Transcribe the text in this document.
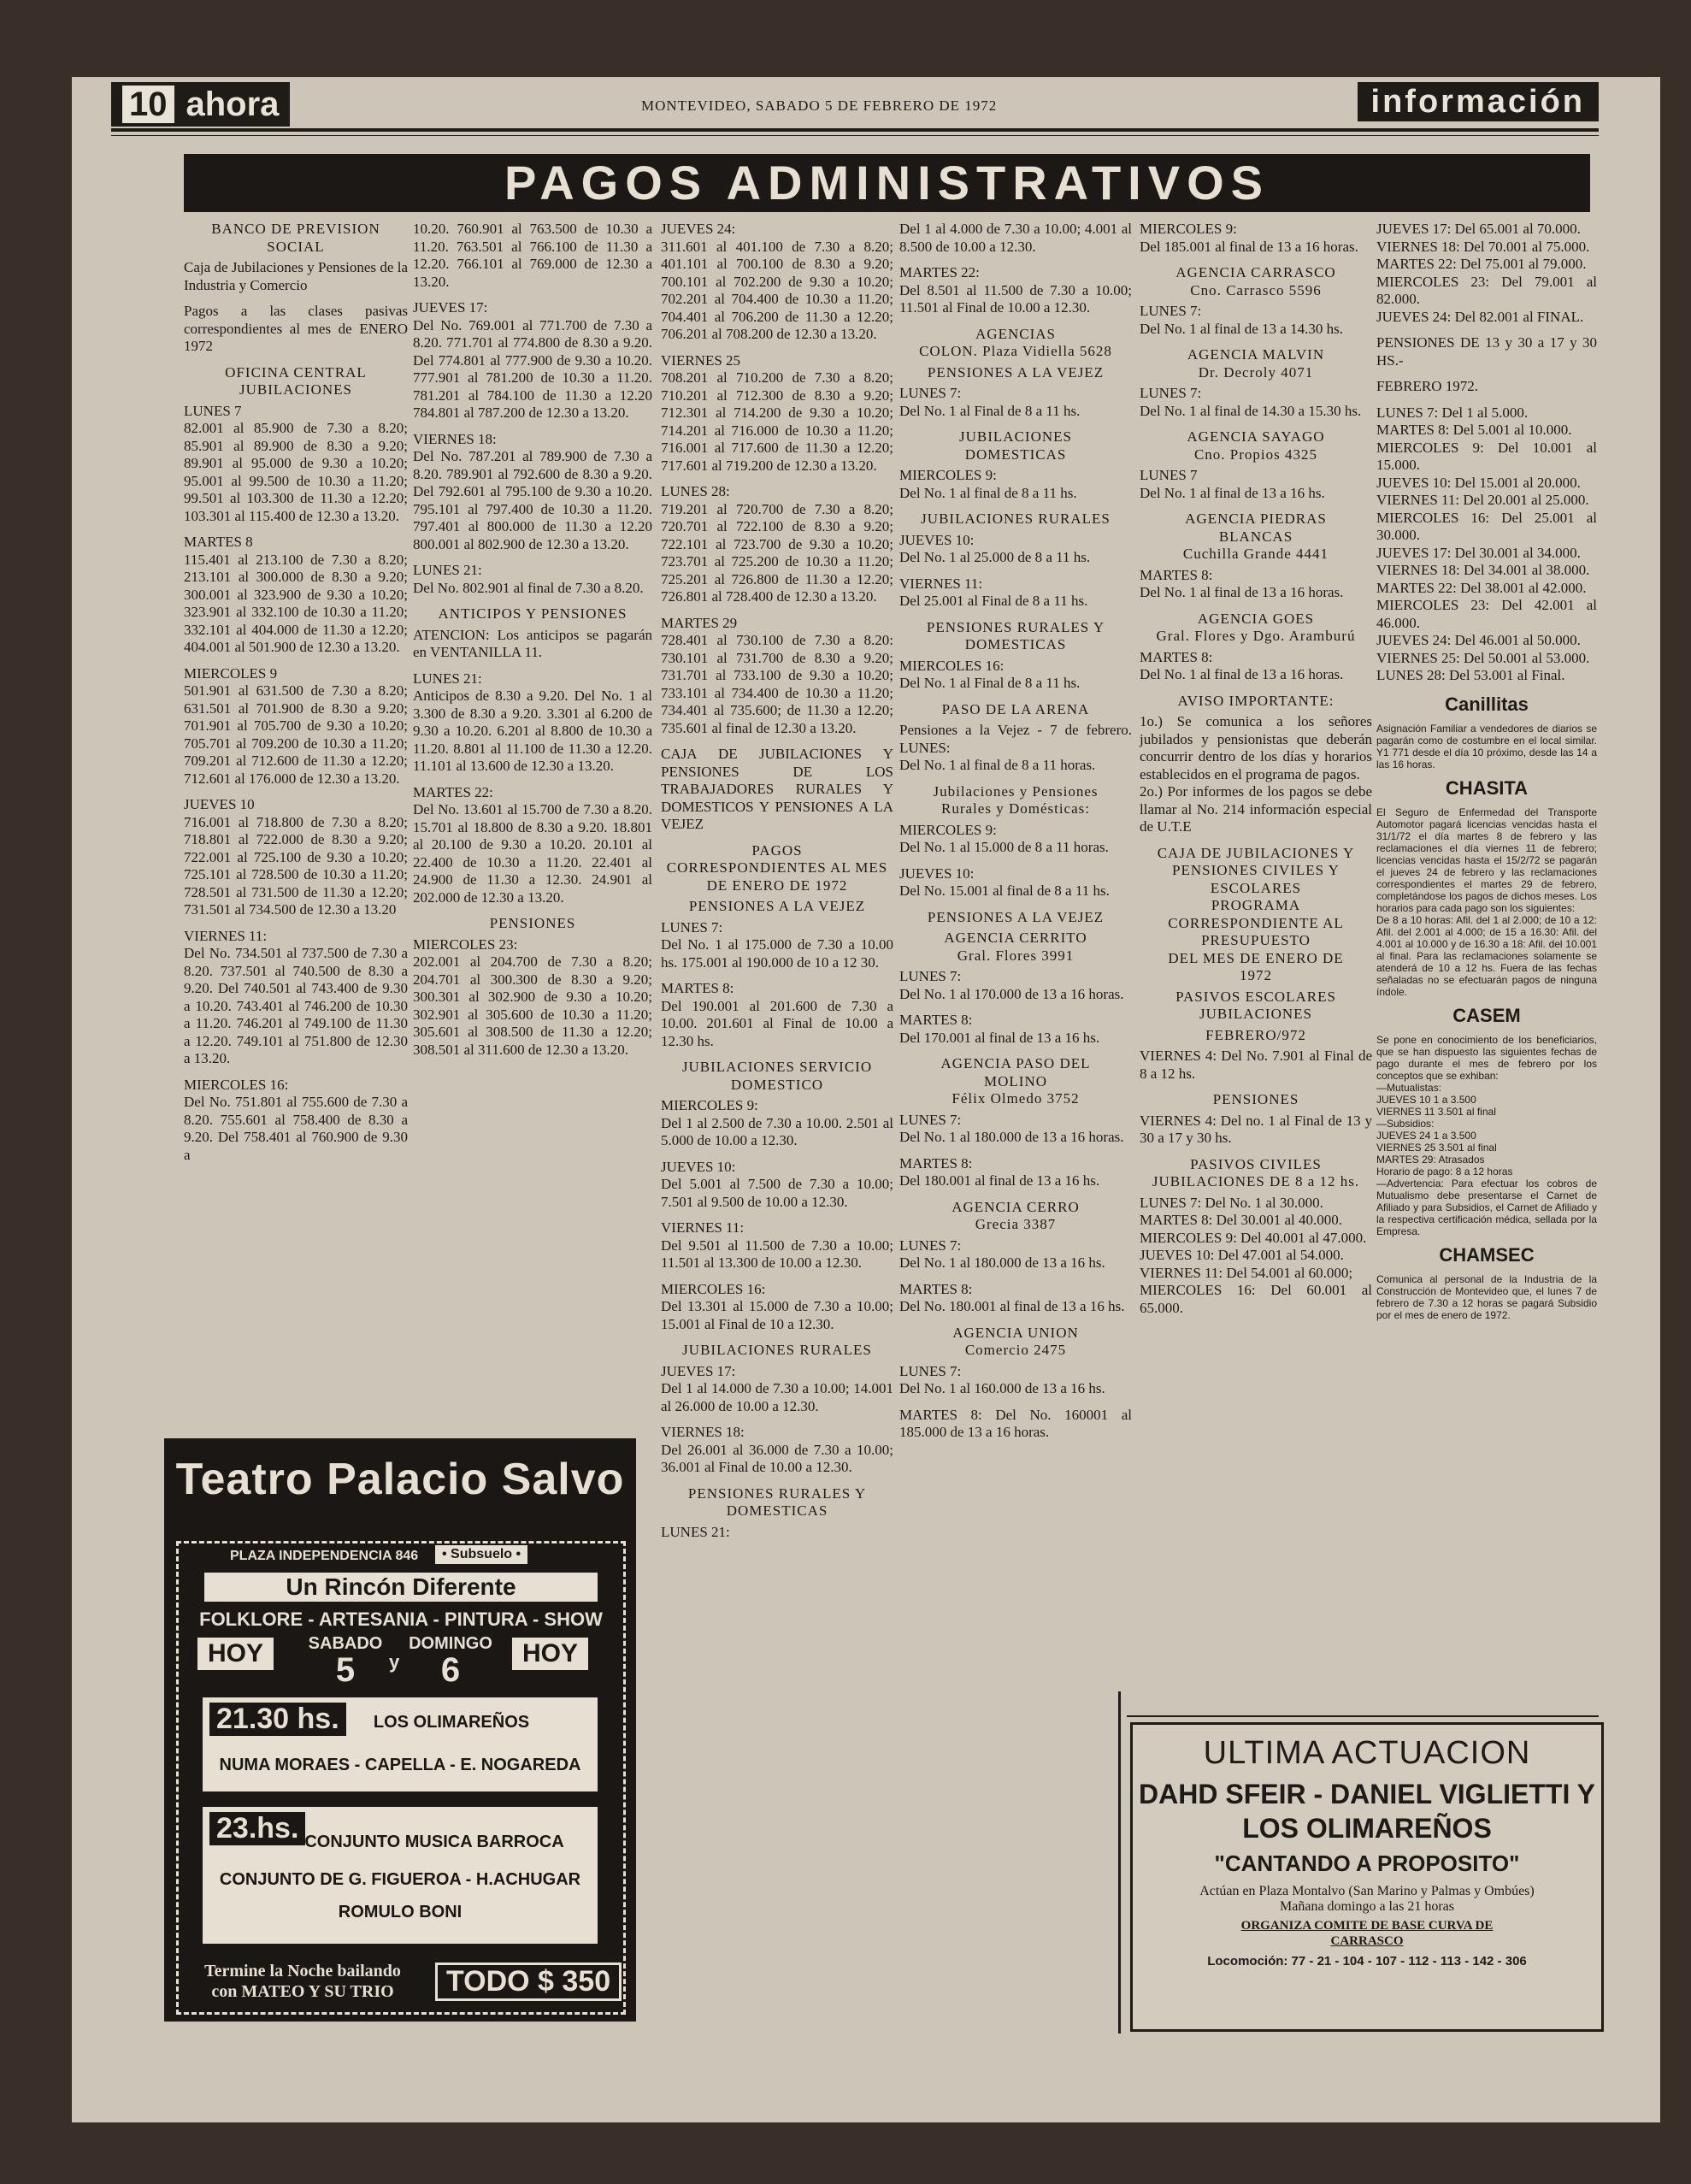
10 ahora	MONTEVIDEO, SABADO 5 DE FEBRERO DE 1972	información
PAGOS ADMINISTRATIVOS
BANCO DE PREVISION
SOCIAL

Caja de Jubilaciones y Pensiones de la Industria y Comercio

Pagos a las clases pasivas correspondientes al mes de ENERO 1972

OFICINA CENTRAL
JUBILACIONES

LUNES 7
82.001 al 85.900 de 7.30 a 8.20; 85.901 al 89.900 de 8.30 a 9.20; 89.901 al 95.000 de 9.30 a 10.20; 95.001 al 99.500 de 10.30 a 11.20; 99.501 al 103.300 de 11.30 a 12.20; 103.301 al 115.400 de 12.30 a 13.20.

MARTES 8
115.401 al 213.100 de 7.30 a 8.20; 213.101 al 300.000 de 8.30 a 9.20; 300.001 al 323.900 de 9.30 a 10.20; 323.901 al 332.100 de 10.30 a 11.20; 332.101 al 404.000 de 11.30 a 12.20; 404.001 al 501.900 de 12.30 a 13.20.

MIERCOLES 9
501.901 al 631.500 de 7.30 a 8.20; 631.501 al 701.900 de 8.30 a 9.20; 701.901 al 705.700 de 9.30 a 10.20; 705.701 al 709.200 de 10.30 a 11.20; 709.201 al 712.600 de 11.30 a 12.20; 712.601 al 176.000 de 12.30 a 13.20.

JUEVES 10
716.001 al 718.800 de 7.30 a 8.20; 718.801 al 722.000 de 8.30 a 9.20; 722.001 al 725.100 de 9.30 a 10.20; 725.101 al 728.500 de 10.30 a 11.20; 728.501 al 731.500 de 11.30 a 12.20; 731.501 al 734.500 de 12.30 a 13.20

VIERNES 11:
Del No. 734.501 al 737.500 de 7.30 a 8.20. 737.501 al 740.500 de 8.30 a 9.20. Del 740.501 al 743.400 de 9.30 a 10.20. 743.401 al 746.200 de 10.30 a 11.20. 746.201 al 749.100 de 11.30 a 12.20. 749.101 al 751.800 de 12.30 a 13.20.

MIERCOLES 16:
Del No. 751.801 al 755.600 de 7.30 a 8.20. 755.601 al 758.400 de 8.30 a 9.20. Del 758.401 al 760.900 de 9.30 a

10.20. 760.901 al 763.500 de 10.30 a 11.20. 763.501 al 766.100 de 11.30 a 12.20. 766.101 al 769.000 de 12.30 a 13.20.

JUEVES 17:
Del No. 769.001 al 771.700 de 7.30 a 8.20. 771.701 al 774.800 de 8.30 a 9.20. Del 774.801 al 777.900 de 9.30 a 10.20. 777.901 al 781.200 de 10.30 a 11.20. 781.201 al 784.100 de 11.30 a 12.20 784.801 al 787.200 de 12.30 a 13.20.

VIERNES 18:
Del No. 787.201 al 789.900 de 7.30 a 8.20. 789.901 al 792.600 de 8.30 a 9.20. Del 792.601 al 795.100 de 9.30 a 10.20. 795.101 al 797.400 de 10.30 a 11.20. 797.401 al 800.000 de 11.30 a 12.20 800.001 al 802.900 de 12.30 a 13.20.

LUNES 21:
Del No. 802.901 al final de 7.30 a 8.20.

ANTICIPOS Y PENSIONES

ATENCION: Los anticipos se pagarán en VENTANILLA 11.

LUNES 21:
Anticipos de 8.30 a 9.20. Del No. 1 al 3.300 de 8.30 a 9.20. 3.301 al 6.200 de 9.30 a 10.20. 6.201 al 8.800 de 10.30 a 11.20. 8.801 al 11.100 de 11.30 a 12.20. 11.101 al 13.600 de 12.30 a 13.20.

MARTES 22:
Del No. 13.601 al 15.700 de 7.30 a 8.20. 15.701 al 18.800 de 8.30 a 9.20. 18.801 al 20.100 de 9.30 a 10.20. 20.101 al 22.400 de 10.30 a 11.20. 22.401 al 24.900 de 11.30 a 12.30. 24.901 al 202.000 de 12.30 a 13.20.

PENSIONES

MIERCOLES 23:
202.001 al 204.700 de 7.30 a 8.20; 204.701 al 300.300 de 8.30 a 9.20; 300.301 al 302.900 de 9.30 a 10.20; 302.901 al 305.600 de 10.30 a 11.20; 305.601 al 308.500 de 11.30 a 12.20; 308.501 al 311.600 de 12.30 a 13.20.

JUEVES 24:
311.601 al 401.100 de 7.30 a 8.20; 401.101 al 700.100 de 8.30 a 9.20; 700.101 al 702.200 de 9.30 a 10.20; 702.201 al 704.400 de 10.30 a 11.20; 704.401 al 706.200 de 11.30 a 12.20; 706.201 al 708.200 de 12.30 a 13.20.

VIERNES 25
708.201 al 710.200 de 7.30 a 8.20; 710.201 al 712.300 de 8.30 a 9.20; 712.301 al 714.200 de 9.30 a 10.20; 714.201 al 716.000 de 10.30 a 11.20; 716.001 al 717.600 de 11.30 a 12.20; 717.601 al 719.200 de 12.30 a 13.20.

LUNES 28:
719.201 al 720.700 de 7.30 a 8.20; 720.701 al 722.100 de 8.30 a 9.20; 722.101 al 723.700 de 9.30 a 10.20; 723.701 al 725.200 de 10.30 a 11.20; 725.201 al 726.800 de 11.30 a 12.20; 726.801 al 728.400 de 12.30 a 13.20.

MARTES 29
728.401 al 730.100 de 7.30 a 8.20: 730.101 al 731.700 de 8.30 a 9.20; 731.701 al 733.100 de 9.30 a 10.20; 733.101 al 734.400 de 10.30 a 11.20; 734.401 al 735.600; de 11.30 a 12.20; 735.601 al final de 12.30 a 13.20.

CAJA DE JUBILACIONES Y PENSIONES DE LOS TRABAJADORES RURALES Y DOMESTICOS Y PENSIONES A LA VEJEZ

PAGOS
CORRESPONDIENTES AL MES DE ENERO DE 1972
PENSIONES A LA VEJEZ

LUNES 7:
Del No. 1 al 175.000 de 7.30 a 10.00 hs. 175.001 al 190.000 de 10 a 12 30.

MARTES 8:
Del 190.001 al 201.600 de 7.30 a 10.00. 201.601 al Final de 10.00 a 12.30 hs.

JUBILACIONES SERVICIO
DOMESTICO

MIERCOLES 9:
Del 1 al 2.500 de 7.30 a 10.00. 2.501 al 5.000 de 10.00 a 12.30.

JUEVES 10:
Del 5.001 al 7.500 de 7.30 a 10.00; 7.501 al 9.500 de 10.00 a 12.30.

VIERNES 11:
Del 9.501 al 11.500 de 7.30 a 10.00; 11.501 al 13.300 de 10.00 a 12.30.

MIERCOLES 16:
Del 13.301 al 15.000 de 7.30 a 10.00; 15.001 al Final de 10 a 12.30.

JUBILACIONES RURALES

JUEVES 17:
Del 1 al 14.000 de 7.30 a 10.00; 14.001 al 26.000 de 10.00 a 12.30.

VIERNES 18:
Del 26.001 al 36.000 de 7.30 a 10.00; 36.001 al Final de 10.00 a 12.30.

PENSIONES RURALES Y
DOMESTICAS

LUNES 21:

Del 1 al 4.000 de 7.30 a 10.00; 4.001 al 8.500 de 10.00 a 12.30.

MARTES 22:
Del 8.501 al 11.500 de 7.30 a 10.00; 11.501 al Final de 10.00 a 12.30.

AGENCIAS
COLON. Plaza Vidiella 5628
PENSIONES A LA VEJEZ

LUNES 7:
Del No. 1 al Final de 8 a 11 hs.

JUBILACIONES
DOMESTICAS

MIERCOLES 9:
Del No. 1 al final de 8 a 11 hs.

JUBILACIONES RURALES

JUEVES 10:
Del No. 1 al 25.000 de 8 a 11 hs.

VIERNES 11:
Del 25.001 al Final de 8 a 11 hs.

PENSIONES RURALES Y
DOMESTICAS

MIERCOLES 16:
Del No. 1 al Final de 8 a 11 hs.

PASO DE LA ARENA

Pensiones a la Vejez - 7 de febrero. LUNES:
Del No. 1 al final de 8 a 11 horas.

Jubilaciones y Pensiones
Rurales y Domésticas:

MIERCOLES 9:
Del No. 1 al 15.000 de 8 a 11 horas.

JUEVES 10:
Del No. 15.001 al final de 8 a 11 hs.

PENSIONES A LA VEJEZ
AGENCIA CERRITO
Gral. Flores 3991

LUNES 7:
Del No. 1 al 170.000 de 13 a 16 horas.

MARTES 8:
Del 170.001 al final de 13 a 16 hs.

AGENCIA PASO DEL
MOLINO
Félix Olmedo 3752

LUNES 7:
Del No. 1 al 180.000 de 13 a 16 horas.

MARTES 8:
Del 180.001 al final de 13 a 16 hs.

AGENCIA CERRO
Grecia 3387

LUNES 7:
Del No. 1 al 180.000 de 13 a 16 hs.

MARTES 8:
Del No. 180.001 al final de 13 a 16 hs.

AGENCIA UNION
Comercio 2475

LUNES 7:
Del No. 1 al 160.000 de 13 a 16 hs.

MARTES 8: Del No. 160001 al 185.000 de 13 a 16 horas.

MIERCOLES 9:
Del 185.001 al final de 13 a 16 horas.

AGENCIA CARRASCO
Cno. Carrasco 5596

LUNES 7:
Del No. 1 al final de 13 a 14.30 hs.

AGENCIA MALVIN
Dr. Decroly 4071

LUNES 7:
Del No. 1 al final de 14.30 a 15.30 hs.

AGENCIA SAYAGO
Cno. Propios 4325

LUNES 7
Del No. 1 al final de 13 a 16 hs.

AGENCIA PIEDRAS
BLANCAS
Cuchilla Grande 4441

MARTES 8:
Del No. 1 al final de 13 a 16 horas.

AGENCIA GOES
Gral. Flores y Dgo. Aramburú

MARTES 8:
Del No. 1 al final de 13 a 16 horas.

AVISO IMPORTANTE:

1o.) Se comunica a los señores jubilados y pensionistas que deberán concurrir dentro de los días y horarios establecidos en el programa de pagos.
2o.) Por informes de los pagos se debe llamar al No. 214 información especial de U.T.E

CAJA DE JUBILACIONES Y
PENSIONES CIVILES Y
ESCOLARES
PROGRAMA CORRESPONDIENTE AL PRESUPUESTO
DEL MES DE ENERO DE
1972
PASIVOS ESCOLARES
JUBILACIONES
FEBRERO/972

VIERNES 4: Del No. 7.901 al Final de 8 a 12 hs.

PENSIONES

VIERNES 4: Del no. 1 al Final de 13 y 30 a 17 y 30 hs.

PASIVOS CIVILES
JUBILACIONES DE 8 a 12 hs.

LUNES 7: Del No. 1 al 30.000.
MARTES 8: Del 30.001 al 40.000.
MIERCOLES 9: Del 40.001 al 47.000.
JUEVES 10: Del 47.001 al 54.000.
VIERNES 11: Del 54.001 al 60.000;
MIERCOLES 16: Del 60.001 al 65.000.

JUEVES 17: Del 65.001 al 70.000.
VIERNES 18: Del 70.001 al 75.000.
MARTES 22: Del 75.001 al 79.000.
MIERCOLES 23: Del 79.001 al 82.000.
JUEVES 24: Del 82.001 al FINAL.

PENSIONES DE 13 y 30 a 17 y 30 HS.-

FEBRERO 1972.

LUNES 7: Del 1 al 5.000.
MARTES 8: Del 5.001 al 10.000.
MIERCOLES 9: Del 10.001 al 15.000.
JUEVES 10: Del 15.001 al 20.000.
VIERNES 11: Del 20.001 al 25.000.
MIERCOLES 16: Del 25.001 al 30.000.
JUEVES 17: Del 30.001 al 34.000.
VIERNES 18: Del 34.001 al 38.000.
MARTES 22: Del 38.001 al 42.000.
MIERCOLES 23: Del 42.001 al 46.000.
JUEVES 24: Del 46.001 al 50.000.
VIERNES 25: Del 50.001 al 53.000.
LUNES 28: Del 53.001 al Final.

Canillitas
Asignación Familiar a vendedores de diarios se pagarán como de costumbre en el local similar. Y1 771 desde el día 10 próximo, desde las 14 a las 16 horas.
CHASITA
El Seguro de Enfermedad del Transporte Automotor pagará licencias vencidas hasta el 31/1/72 el día martes 8 de febrero y las reclamaciones el día viernes 11 de febrero; licencias vencidas hasta el 15/2/72 se pagarán el jueves 24 de febrero y las reclamaciones correspondientes el martes 29 de febrero, completándose los pagos de dichos meses. Los horarios para cada pago son los siguientes:
De 8 a 10 horas: Afil. del 1 al 2.000; de 10 a 12: Afil. del 2.001 al 4.000; de 15 a 16.30: Afil. del 4.001 al 10.000 y de 16.30 a 18: Afil. del 10.001 al final. Para las reclamaciones solamente se atenderá de 10 a 12 hs. Fuera de las fechas señaladas no se efectuarán pagos de ninguna índole.
CASEM
Se pone en conocimiento de los beneficiarios, que se han dispuesto las siguientes fechas de pago durante el mes de febrero por los conceptos que se exhiban:
—Mutualistas:
JUEVES 10 1 a 3.500
VIERNES 11 3.501 al final
—Subsidios:
JUEVES 24 1 a 3.500
VIERNES 25 3.501 al final
MARTES 29: Atrasados
Horario de pago: 8 a 12 horas
—Advertencia: Para efectuar los cobros de Mutualismo debe presentarse el Carnet de Afiliado y para Subsidios, el Carnet de Afiliado y la respectiva certificación médica, sellada por la Empresa.
CHAMSEC
Comunica al personal de la Industria de la Construcción de Montevideo que, el lunes 7 de febrero de 7.30 a 12 horas se pagará Subsidio por el mes de enero de 1972.
Teatro Palacio Salvo
PLAZA INDEPENDENCIA 846	• Subsuelo •
Un Rincón Diferente
FOLKLORE - ARTESANIA - PINTURA - SHOW
HOY	SABADO
5	y
DOMINGO
6	HOY
21.30 hs.	LOS OLIMAREÑOS
NUMA MORAES - CAPELLA - E. NOGAREDA
23.hs. CONJUNTO MUSICA BARROCA
CONJUNTO DE G. FIGUEROA - H.ACHUGAR
ROMULO BONI
Termine la Noche bailando con MATEO Y SU TRIO	TODO $ 350
ULTIMA ACTUACION
DAHD SFEIR - DANIEL VIGLIETTI Y LOS OLIMAREÑOS
"CANTANDO A PROPOSITO"
Actúan en Plaza Montalvo (San Marino y Palmas y Ombúes)
Mañana domingo a las 21 horas
ORGANIZA COMITE DE BASE CURVA DE
CARRASCO
Locomoción: 77 - 21 - 104 - 107 - 112 - 113 - 142 - 306
